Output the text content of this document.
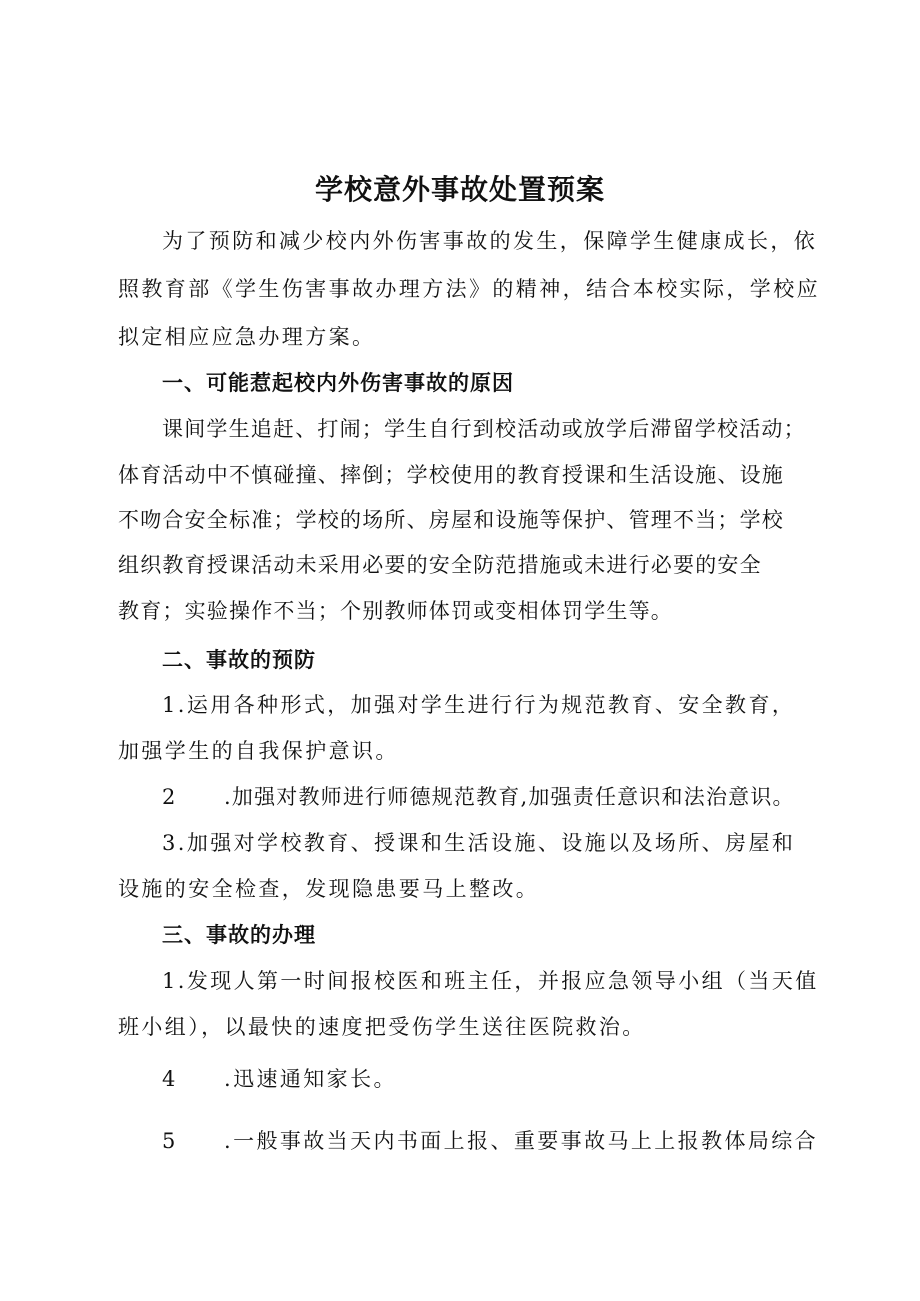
学校意外事故处置预案

为了预防和减少校内外伤害事故的发生，保障学生健康成长，依

照教育部《学生伤害事故办理方法》的精神，结合本校实际，学校应

拟定相应应急办理方案。

一、可能惹起校内外伤害事故的原因

课间学生追赶、打闹；学生自行到校活动或放学后滞留学校活动；

体育活动中不慎碰撞、摔倒；学校使用的教育授课和生活设施、设施

不吻合安全标准；学校的场所、房屋和设施等保护、管理不当；学校

组织教育授课活动未采用必要的安全防范措施或未进行必要的安全

教育；实验操作不当；个别教师体罚或变相体罚学生等。

二、事故的预防

1 .运用各种形式，加强对学生进行行为规范教育、安全教育，

加强学生的自我保护意识。

2	.加强对教师进行师德规范教育,加强责任意识和法治意识。

3 .加强对学校教育、授课和生活设施、设施以及场所、房屋和

设施的安全检查，发现隐患要马上整改。

三、事故的办理

1.发现人第一时间报校医和班主任，并报应急领导小组（当天值

班小组），以最快的速度把受伤学生送往医院救治。

4	.迅速通知家长。

5	.一般事故当天内书面上报、重要事故马上上报教体局综合
